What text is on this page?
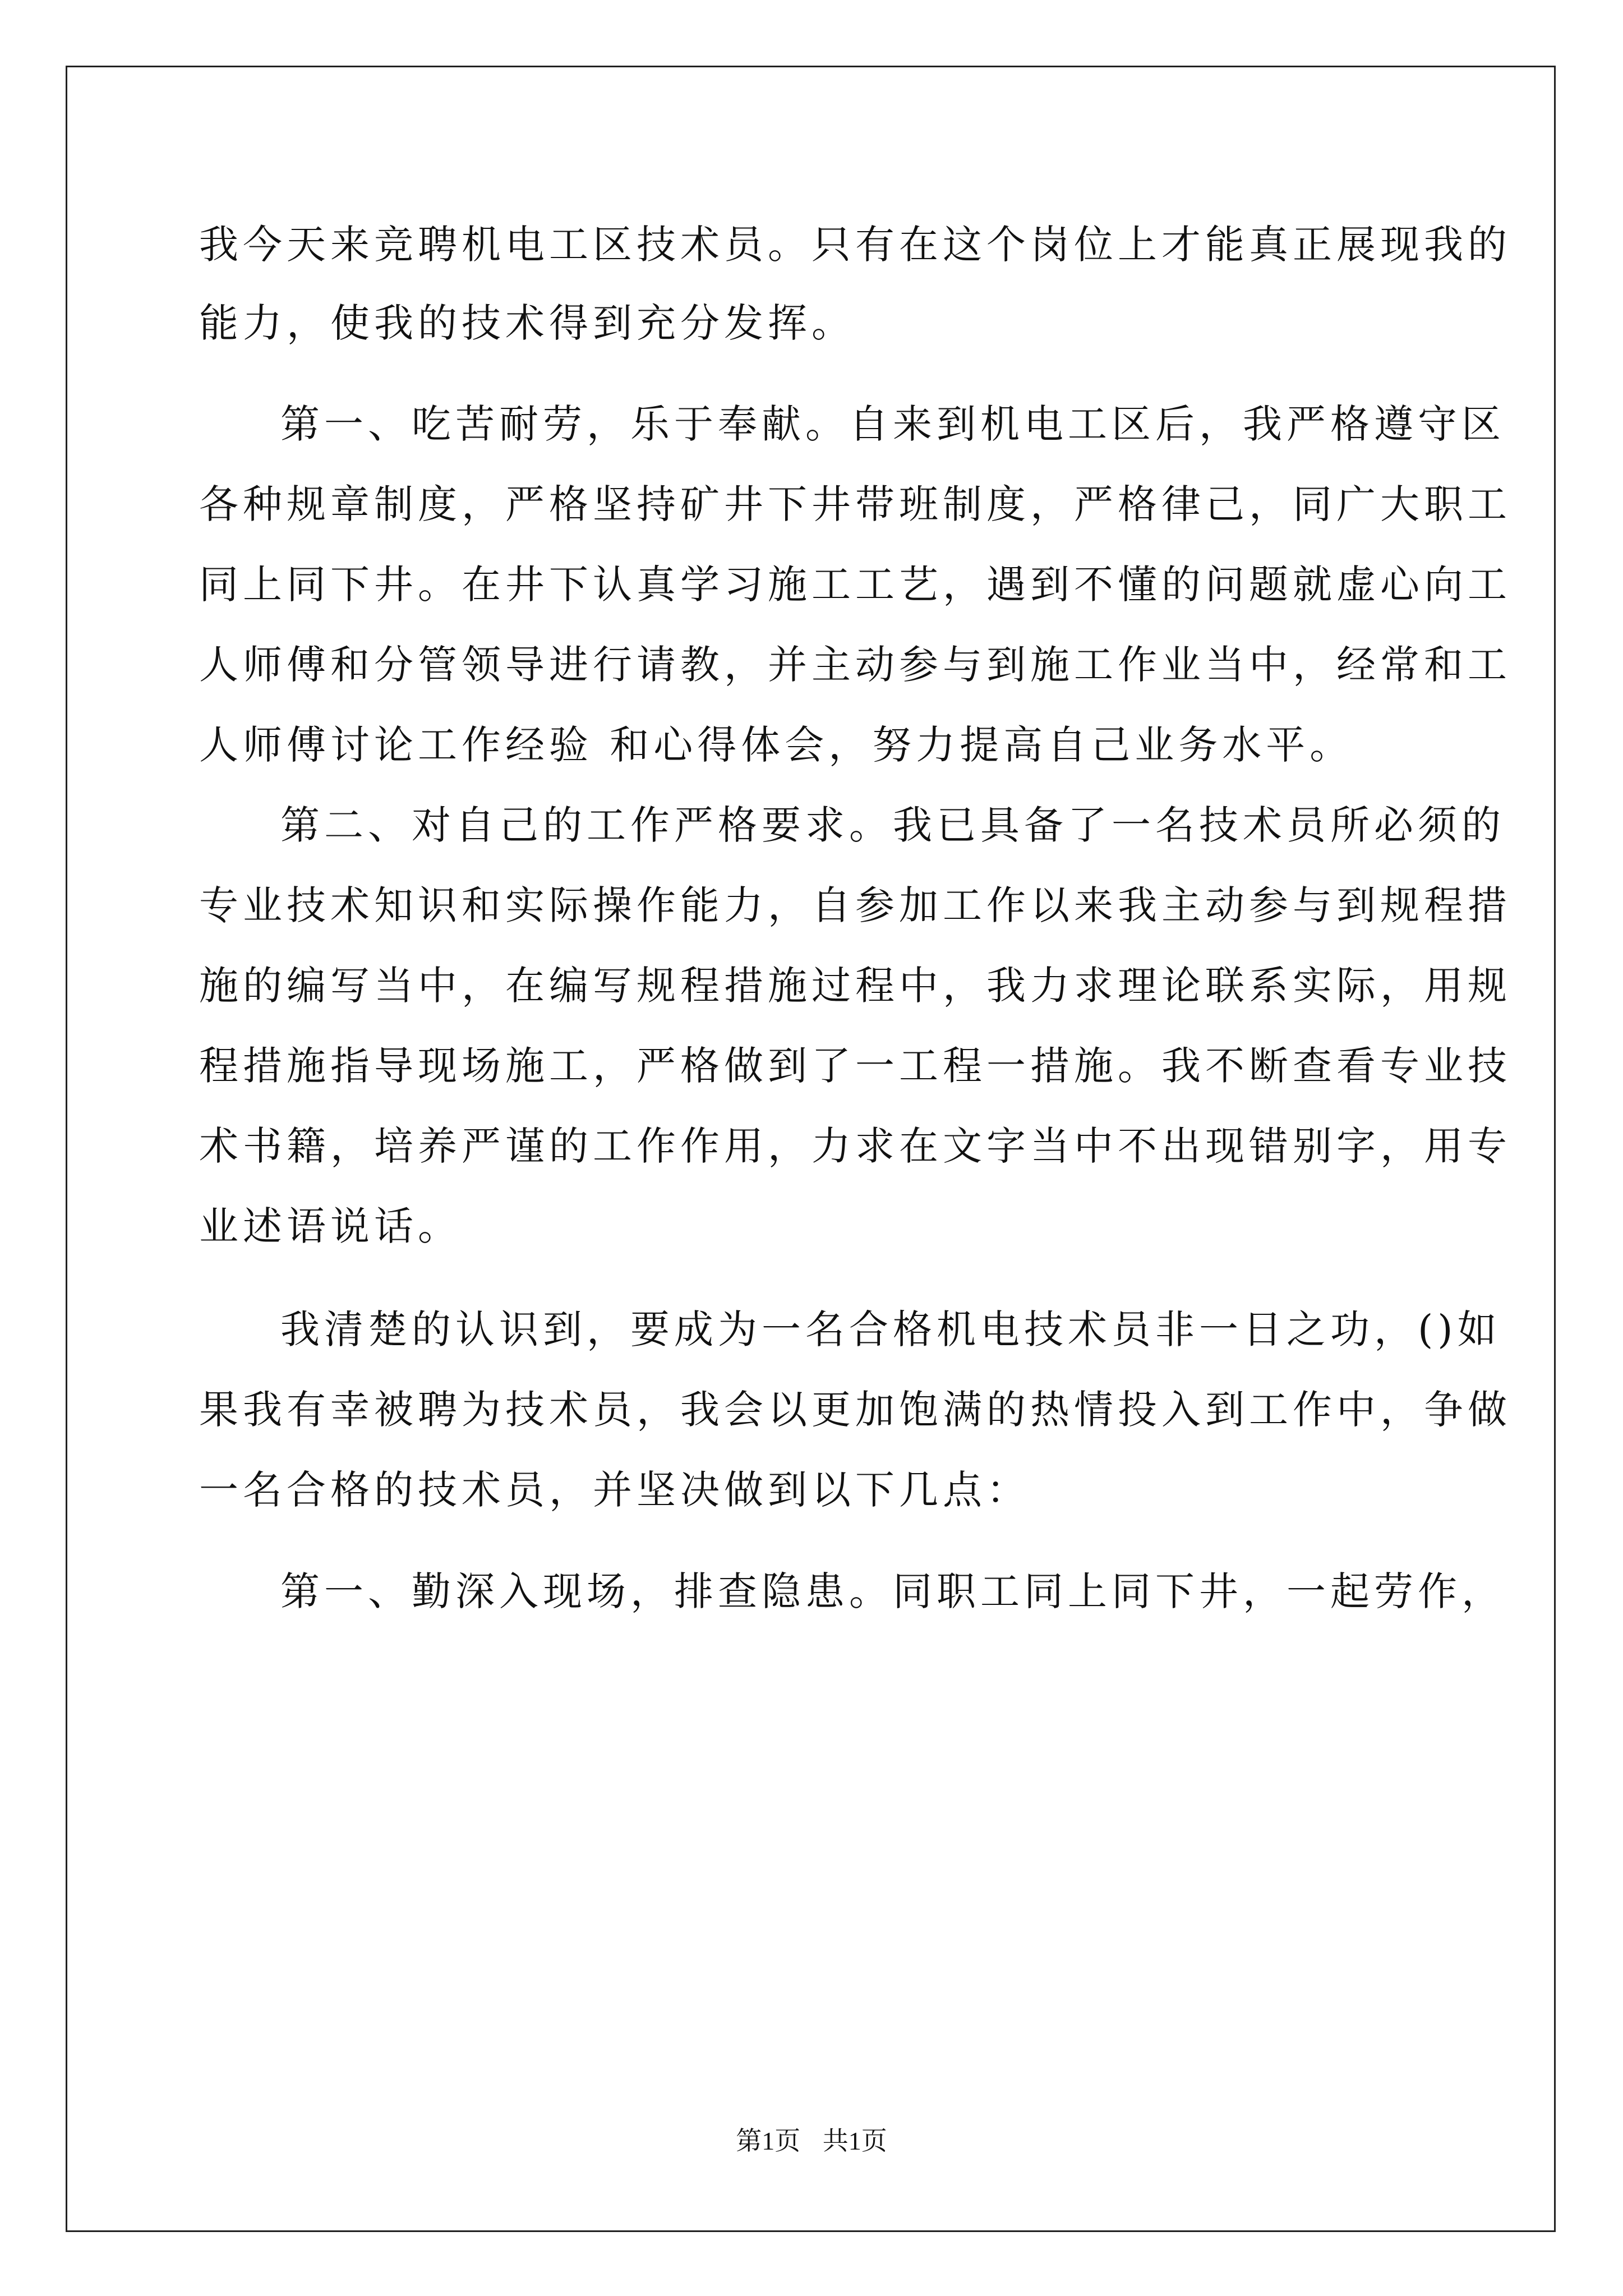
我今天来竞聘机电工区技术员。只有在这个岗位上才能真正展现我的
能力，使我的技术得到充分发挥。
第一、吃苦耐劳，乐于奉献。自来到机电工区后，我严格遵守区
各种规章制度，严格坚持矿井下井带班制度，严格律己，同广大职工
同上同下井。在井下认真学习施工工艺，遇到不懂的问题就虚心向工
人师傅和分管领导进行请教，并主动参与到施工作业当中，经常和工
人师傅讨论工作经验 和心得体会，努力提高自己业务水平。
第二、对自己的工作严格要求。我已具备了一名技术员所必须的
专业技术知识和实际操作能力，自参加工作以来我主动参与到规程措
施的编写当中，在编写规程措施过程中，我力求理论联系实际，用规
程措施指导现场施工，严格做到了一工程一措施。我不断查看专业技
术书籍，培养严谨的工作作用，力求在文字当中不出现错别字，用专
业述语说话。
我清楚的认识到，要成为一名合格机电技术员非一日之功，()如
果我有幸被聘为技术员，我会以更加饱满的热情投入到工作中，争做
一名合格的技术员，并坚决做到以下几点：
第一、勤深入现场，排查隐患。同职工同上同下井，一起劳作，
第1页 共1页
